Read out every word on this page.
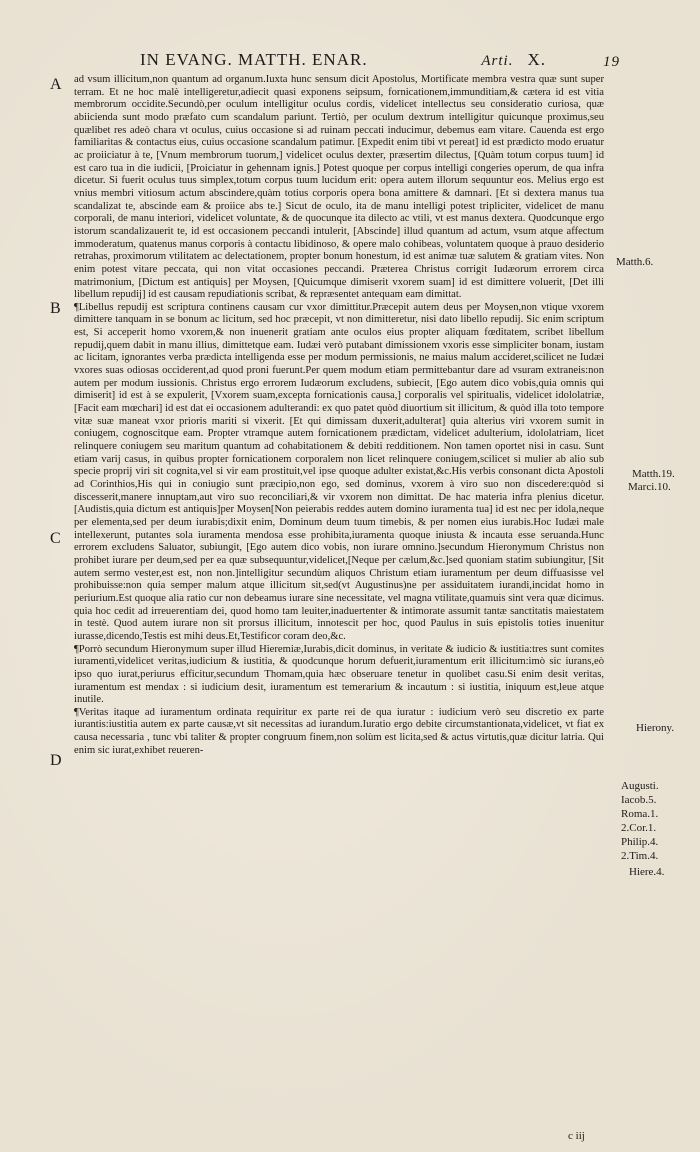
IN EVANG. MATTH. ENAR.	Arti. X.	19
A
B
C
D

ad vsum illicitum,non quantum ad organum.Iuxta hunc sensum dicit Apostolus, Mortificate membra vestra quæ sunt super terram. Et ne hoc malè intelligeretur,adiecit quasi exponens seipsum, fornicationem,immunditiam,& cætera id est vitia membrorum occidite.Secundò,per oculum intelligitur oculus cordis, videlicet intellectus seu consideratio curiosa, quæ abiicienda sunt modo præfato cum scandalum pariunt. Tertiò, per oculum dextrum intelligitur quicunque proximus,seu quælibet res adeò chara vt oculus, cuius occasione si ad ruinam peccati inducimur, debemus eam vitare. Cauenda est ergo familiaritas & contactus eius, cuius occasione scandalum patimur. [Expedit enim tibi vt pereat] id est prædicto modo eruatur ac proiiciatur à te, [Vnum membrorum tuorum,] videlicet oculus dexter, præsertim dilectus, [Quàm totum corpus tuum] id est caro tua in die iudicii, [Proiciatur in gehennam ignis.] Potest quoque per corpus intelligi congeries operum, de qua infra dicetur. Si fuerit oculus tuus simplex,totum corpus tuum lucidum erit: opera autem illorum sequuntur eos. Melius ergo est vnius membri vitiosum actum abscindere,quàm totius corporis opera bona amittere & damnari. [Et si dextera manus tua scandalizat te, abscinde eam & proiice abs te.] Sicut de oculo, ita de manu intelligi potest tripliciter, videlicet de manu corporali, de manu interiori, videlicet voluntate, & de quocunque ita dilecto ac vtili, vt est manus dextera. Quodcunque ergo istorum scandalizauerit te, id est occasionem peccandi intulerit, [Abscinde] illud quantum ad actum, vsum atque affectum immoderatum, quatenus manus corporis à contactu libidinoso, & opere malo cohibeas, voluntatem quoque à prauo desiderio retrahas, proximorum vtilitatem ac delectationem, propter bonum honestum, id est animæ tuæ salutem & gratiam vites. Non enim potest vitare peccata, qui non vitat occasiones peccandi. Præterea Christus corrigit Iudæorum errorem circa matrimonium, [Dictum est antiquis] per Moysen, [Quicumque dimiserit vxorem suam] id est dimittere voluerit, [Det illi libellum repudij] id est causam repudiationis scribat, & repræsentet antequam eam dimittat.

¶Libellus repudij est scriptura continens causam cur vxor dimittitur.Præcepit autem deus per Moysen,non vtique vxorem dimittere tanquam in se bonum ac licitum, sed hoc præcepit, vt non dimitteretur, nisi dato libello repudij. Sic enim scriptum est, Si acceperit homo vxorem,& non inuenerit gratiam ante oculos eius propter aliquam fœditatem, scribet libellum repudij,quem dabit in manu illius, dimittetque eam. Iudæi verò putabant dimissionem vxoris esse simpliciter bonam, iustam ac licitam, ignorantes verba prædicta intelligenda esse per modum permissionis, ne maius malum accideret,scilicet ne Iudæi vxores suas odiosas occiderent,ad quod proni fuerunt.Per quem modum etiam permittebantur dare ad vsuram extraneis:non autem per modum iussionis. Christus ergo errorem Iudæorum excludens, subiecit, [Ego autem dico vobis,quia omnis qui dimiserit] id est à se expulerit, [Vxorem suam,excepta fornicationis causa,] corporalis vel spiritualis, videlicet idololatriæ, [Facit eam mœchari] id est dat ei occasionem adulterandi: ex quo patet quòd diuortium sit illicitum, & quòd illa toto tempore vitæ suæ maneat vxor prioris mariti si vixerit. [Et qui dimissam duxerit,adulterat] quia alterius viri vxorem sumit in coniugem, cognoscitque eam. Propter vtramque autem fornicationem prædictam, videlicet adulterium, idololatriam, licet relinquere coniugem seu maritum quantum ad cohabitationem & debiti redditionem. Non tamen oportet nisi in casu. Sunt etiam varij casus, in quibus propter fornicationem corporalem non licet relinquere coniugem,scilicet si mulier ab alio sub specie proprij viri sit cognita,vel si vir eam prostituit,vel ipse quoque adulter existat,&c.His verbis consonant dicta Apostoli ad Corinthios,His qui in coniugio sunt præcipio,non ego, sed dominus, vxorem à viro suo non discedere:quòd si discesserit,manere innuptam,aut viro suo reconciliari,& vir vxorem non dimittat. De hac materia infra plenius dicetur. [Audistis,quia dictum est antiquis]per Moysen[Non peierabis reddes autem domino iuramenta tua] id est nec per idola,neque per elementa,sed per deum iurabis;dixit enim, Dominum deum tuum timebis, & per nomen eius iurabis.Hoc Iudæi male intellexerunt, putantes sola iuramenta mendosa esse prohibita,iuramenta quoque iniusta & incauta esse seruanda.Hunc errorem excludens Saluator, subiungit, [Ego autem dico vobis, non iurare omnino.]secundum Hieronymum Christus non prohibet iurare per deum,sed per ea quæ subsequuntur,videlicet,[Neque per cælum,&c.]sed quoniam statim subiungitur, [Sit autem sermo vester,est est, non non.]intelligitur secundùm aliquos Christum etiam iuramentum per deum diffuasisse vel prohibuisse:non quia semper malum atque illicitum sit,sed(vt Augustinus)ne per assiduitatem iurandi,incidat homo in periurium.Est quoque alia ratio cur non debeamus iurare sine necessitate, vel magna vtilitate,quamuis sint vera quæ dicimus. quia hoc cedit ad irreuerentiam dei, quod homo tam leuiter,inaduertenter & intimorate assumit tantæ sanctitatis maiestatem in testè. Quod autem iurare non sit prorsus illicitum, innotescit per hoc, quod Paulus in suis epistolis toties inuenitur iurasse,dicendo,Testis est mihi deus.Et,Testificor coram deo,&c.

¶Porrò secundum Hieronymum super illud Hieremiæ,Iurabis,dicit dominus, in veritate & iudicio & iustitia:tres sunt comites iuramenti,videlicet veritas,iudicium & iustitia, & quodcunque horum defuerit,iuramentum erit illicitum:imò sic iurans,eò ipso quo iurat,periurus efficitur,secundum Thomam,quia hæc obseruare tenetur in quolibet casu.Si enim desit veritas, iuramentum est mendax : si iudicium desit, iuramentum est temerarium & incautum : si iustitia, iniquum est,leue atque inutile.

¶Veritas itaque ad iuramentum ordinata requiritur ex parte rei de qua iuratur : iudicium verò seu discretio ex parte iurantis:iustitia autem ex parte causæ,vt sit necessitas ad iurandum.Iuratio ergo debite circumstantionata,videlicet, vt fiat ex causa necessaria , tunc vbi taliter & propter congruum finem,non solùm est licita,sed & actus virtutis,quæ dicitur latria. Qui enim sic iurat,exhibet reueren-

Matth.6.
Matth.19.
Marci.10.
Hierony.
Augusti.
Iacob.5.
Roma.1.
2.Cor.1.
Philip.4.
2.Tim.4.
Hiere.4.
c iij
